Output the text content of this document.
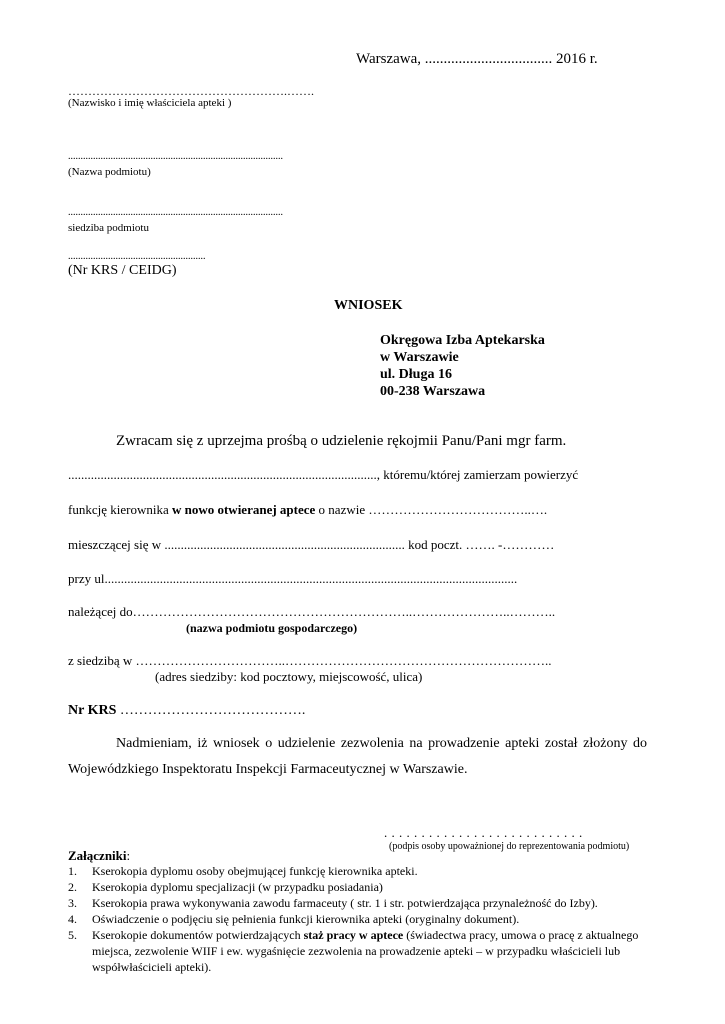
Warszawa, .................................. 2016 r.
……………………………………………….…….
(Nazwisko i imię właściciela apteki )
......................................................................................
(Nazwa podmiotu)
......................................................................................
siedziba podmiotu
.......................................................
(Nr KRS / CEIDG)
WNIOSEK
Okręgowa Izba Aptekarska
w Warszawie
ul. Długa 16
00-238 Warszawa
Zwracam się z uprzejma prośbą o udzielenie rękojmii Panu/Pani mgr farm.
..............................................................................................., któremu/której zamierzam powierzyć
funkcję kierownika w nowo otwieranej aptece o nazwie ………………………………..….
mieszczącej się w .......................................................................... kod poczt. ……. -…………
przy ul...............................................................................................................................
należącej do………………………………………………………..…………………..………..
(nazwa podmiotu gospodarczego)
z siedzibą w ……………………………..……………………………………………………..
(adres siedziby: kod pocztowy, miejscowość, ulica)
Nr KRS ………………………………….
Nadmieniam, iż wniosek o udzielenie zezwolenia na prowadzenie apteki został złożony do
Wojewódzkiego Inspektoratu Inspekcji Farmaceutycznej w Warszawie.
. . . . . . . . . . . . . . . . . . . . . . . . . . .
(podpis osoby upoważnionej do reprezentowania podmiotu)
Załączniki:
1. Kserokopia dyplomu osoby obejmującej funkcję kierownika apteki.
2. Kserokopia dyplomu specjalizacji (w przypadku posiadania)
3. Kserokopia prawa wykonywania zawodu farmaceuty ( str. 1 i str. potwierdzająca przynależność do Izby).
4. Oświadczenie o podjęciu się pełnienia funkcji kierownika apteki (oryginalny dokument).
5. Kserokopie dokumentów potwierdzających staż pracy w aptece (świadectwa pracy, umowa o pracę z aktualnego miejsca, zezwolenie WIIF i ew. wygaśnięcie zezwolenia na prowadzenie apteki – w przypadku właścicieli lub współwłaścicieli apteki).
